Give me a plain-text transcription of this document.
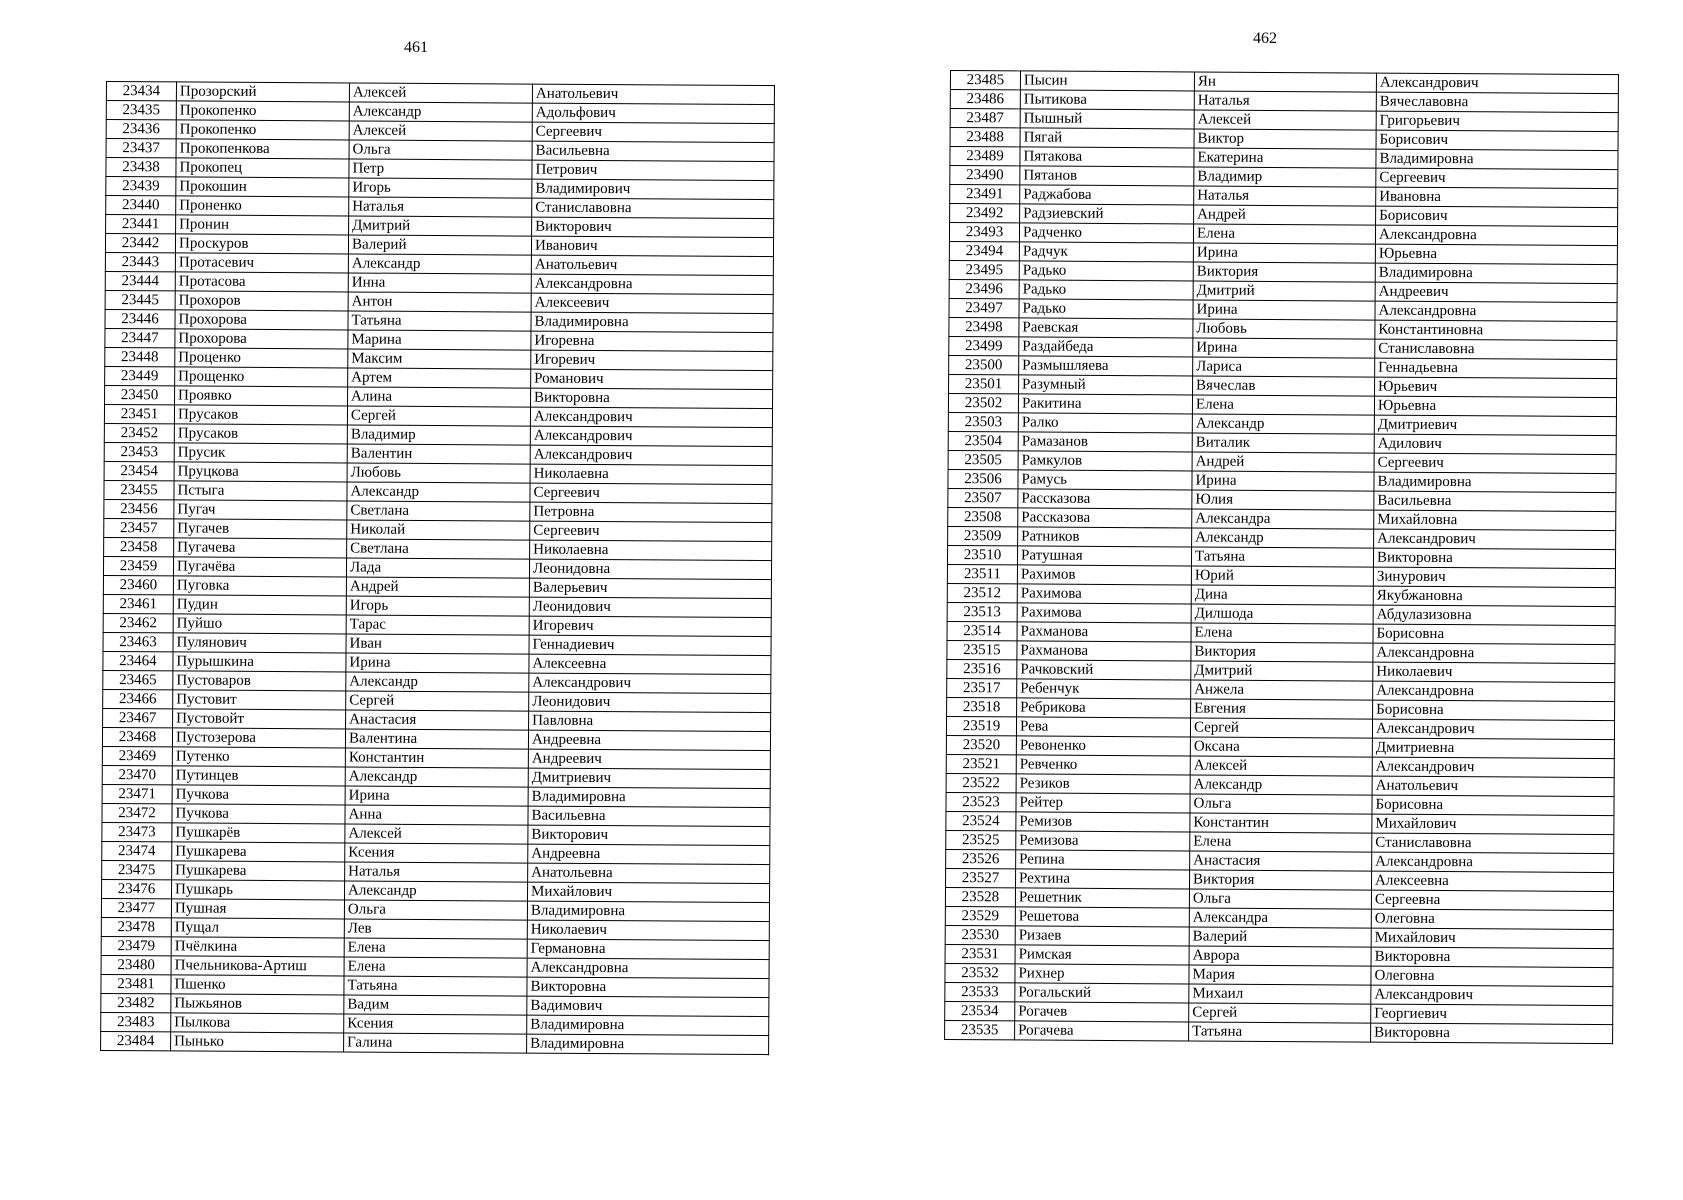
461
462
23434	Прозорский	Алексей	Анатольевич
23435	Прокопенко	Александр	Адольфович
23436	Прокопенко	Алексей	Сергеевич
23437	Прокопенкова	Ольга	Васильевна
23438	Прокопец	Петр	Петрович
23439	Прокошин	Игорь	Владимирович
23440	Проненко	Наталья	Станиславовна
23441	Пронин	Дмитрий	Викторович
23442	Проскуров	Валерий	Иванович
23443	Протасевич	Александр	Анатольевич
23444	Протасова	Инна	Александровна
23445	Прохоров	Антон	Алексеевич
23446	Прохорова	Татьяна	Владимировна
23447	Прохорова	Марина	Игоревна
23448	Проценко	Максим	Игоревич
23449	Прощенко	Артем	Романович
23450	Проявко	Алина	Викторовна
23451	Прусаков	Сергей	Александрович
23452	Прусаков	Владимир	Александрович
23453	Прусик	Валентин	Александрович
23454	Пруцкова	Любовь	Николаевна
23455	Пстыга	Александр	Сергеевич
23456	Пугач	Светлана	Петровна
23457	Пугачев	Николай	Сергеевич
23458	Пугачева	Светлана	Николаевна
23459	Пугачёва	Лада	Леонидовна
23460	Пуговка	Андрей	Валерьевич
23461	Пудин	Игорь	Леонидович
23462	Пуйшо	Тарас	Игоревич
23463	Пулянович	Иван	Геннадиевич
23464	Пурышкина	Ирина	Алексеевна
23465	Пустоваров	Александр	Александрович
23466	Пустовит	Сергей	Леонидович
23467	Пустовойт	Анастасия	Павловна
23468	Пустозерова	Валентина	Андреевна
23469	Путенко	Константин	Андреевич
23470	Путинцев	Александр	Дмитриевич
23471	Пучкова	Ирина	Владимировна
23472	Пучкова	Анна	Васильевна
23473	Пушкарёв	Алексей	Викторович
23474	Пушкарева	Ксения	Андреевна
23475	Пушкарева	Наталья	Анатольевна
23476	Пушкарь	Александр	Михайлович
23477	Пушная	Ольга	Владимировна
23478	Пущал	Лев	Николаевич
23479	Пчёлкина	Елена	Германовна
23480	Пчельникова-Артиш	Елена	Александровна
23481	Пшенко	Татьяна	Викторовна
23482	Пыжьянов	Вадим	Вадимович
23483	Пылкова	Ксения	Владимировна
23484	Пынько	Галина	Владимировна
23485	Пысин	Ян	Александрович
23486	Пытикова	Наталья	Вячеславовна
23487	Пышный	Алексей	Григорьевич
23488	Пягай	Виктор	Борисович
23489	Пятакова	Екатерина	Владимировна
23490	Пятанов	Владимир	Сергеевич
23491	Раджабова	Наталья	Ивановна
23492	Радзиевский	Андрей	Борисович
23493	Радченко	Елена	Александровна
23494	Радчук	Ирина	Юрьевна
23495	Радько	Виктория	Владимировна
23496	Радько	Дмитрий	Андреевич
23497	Радько	Ирина	Александровна
23498	Раевская	Любовь	Константиновна
23499	Раздайбеда	Ирина	Станиславовна
23500	Размышляева	Лариса	Геннадьевна
23501	Разумный	Вячеслав	Юрьевич
23502	Ракитина	Елена	Юрьевна
23503	Ралко	Александр	Дмитриевич
23504	Рамазанов	Виталик	Адилович
23505	Рамкулов	Андрей	Сергеевич
23506	Рамусь	Ирина	Владимировна
23507	Рассказова	Юлия	Васильевна
23508	Рассказова	Александра	Михайловна
23509	Ратников	Александр	Александрович
23510	Ратушная	Татьяна	Викторовна
23511	Рахимов	Юрий	Зинурович
23512	Рахимова	Дина	Якубжановна
23513	Рахимова	Дилшода	Абдулазизовна
23514	Рахманова	Елена	Борисовна
23515	Рахманова	Виктория	Александровна
23516	Рачковский	Дмитрий	Николаевич
23517	Ребенчук	Анжела	Александровна
23518	Ребрикова	Евгения	Борисовна
23519	Рева	Сергей	Александрович
23520	Ревоненко	Оксана	Дмитриевна
23521	Ревченко	Алексей	Александрович
23522	Резиков	Александр	Анатольевич
23523	Рейтер	Ольга	Борисовна
23524	Ремизов	Константин	Михайлович
23525	Ремизова	Елена	Станиславовна
23526	Репина	Анастасия	Александровна
23527	Рехтина	Виктория	Алексеевна
23528	Решетник	Ольга	Сергеевна
23529	Решетова	Александра	Олеговна
23530	Ризаев	Валерий	Михайлович
23531	Римская	Аврора	Викторовна
23532	Рихнер	Мария	Олеговна
23533	Рогальский	Михаил	Александрович
23534	Рогачев	Сергей	Георгиевич
23535	Рогачева	Татьяна	Викторовна
